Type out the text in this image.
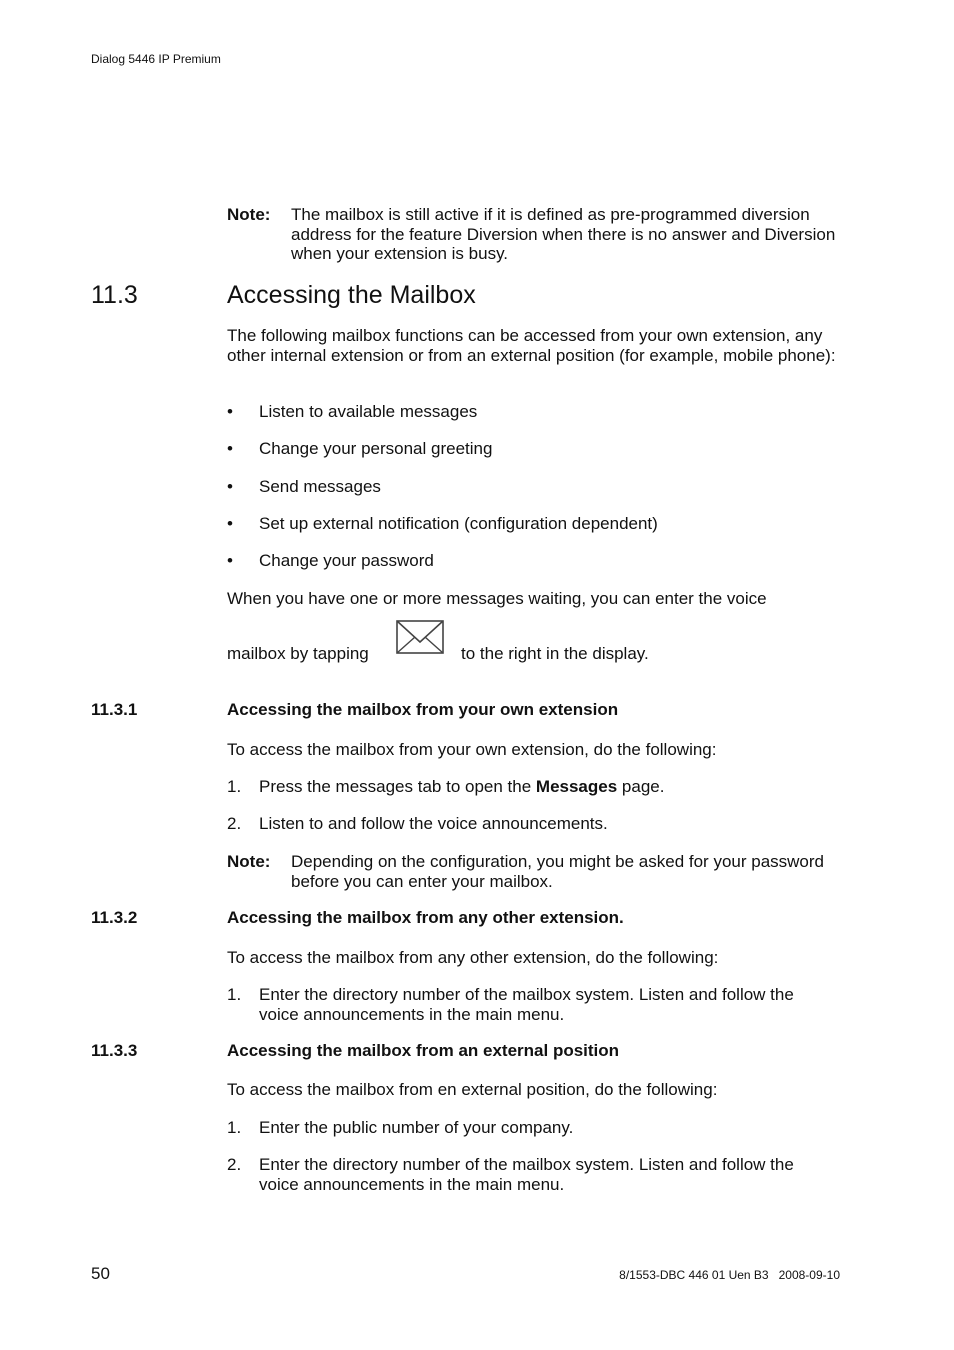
Dialog 5446 IP Premium
Note: The mailbox is still active if it is defined as pre-programmed diversion address for the feature Diversion when there is no answer and Diversion when your extension is busy.
11.3	Accessing the Mailbox
The following mailbox functions can be accessed from your own extension, any other internal extension or from an external position (for example, mobile phone):
• Listen to available messages
• Change your personal greeting
• Send messages
• Set up external notification (configuration dependent)
• Change your password
When you have one or more messages waiting, you can enter the voice
mailbox by tapping	to the right in the display.
11.3.1	Accessing the mailbox from your own extension
To access the mailbox from your own extension, do the following:
1. Press the messages tab to open the Messages page.
2. Listen to and follow the voice announcements.
Note: Depending on the configuration, you might be asked for your password before you can enter your mailbox.
11.3.2	Accessing the mailbox from any other extension.
To access the mailbox from any other extension, do the following:
1. Enter the directory number of the mailbox system. Listen and follow the voice announcements in the main menu.
11.3.3	Accessing the mailbox from an external position
To access the mailbox from en external position, do the following:
1. Enter the public number of your company.
2. Enter the directory number of the mailbox system. Listen and follow the voice announcements in the main menu.
50	8/1553-DBC 446 01 Uen B3   2008-09-10
